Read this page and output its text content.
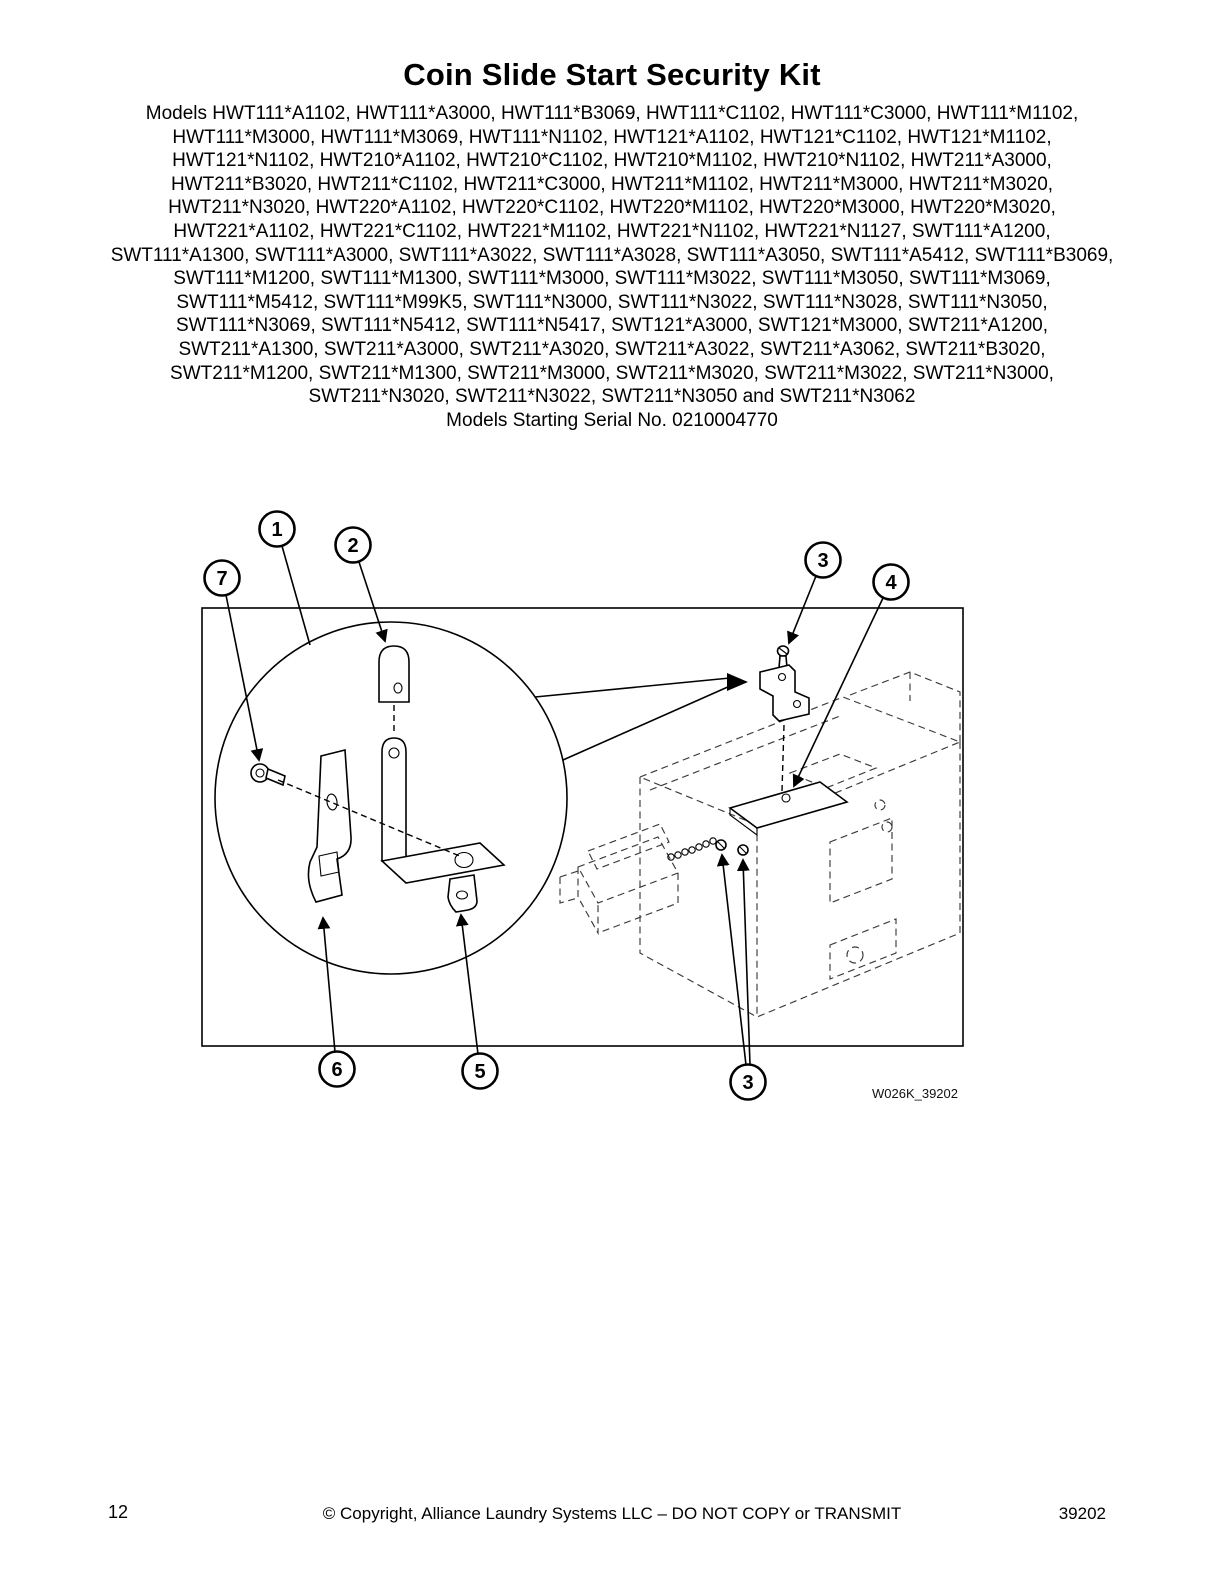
Coin Slide Start Security Kit

Models HWT111*A1102, HWT111*A3000, HWT111*B3069, HWT111*C1102, HWT111*C3000, HWT111*M1102, HWT111*M3000, HWT111*M3069, HWT111*N1102, HWT121*A1102, HWT121*C1102, HWT121*M1102, HWT121*N1102, HWT210*A1102, HWT210*C1102, HWT210*M1102, HWT210*N1102, HWT211*A3000, HWT211*B3020, HWT211*C1102, HWT211*C3000, HWT211*M1102, HWT211*M3000, HWT211*M3020, HWT211*N3020, HWT220*A1102, HWT220*C1102, HWT220*M1102, HWT220*M3000, HWT220*M3020, HWT221*A1102, HWT221*C1102, HWT221*M1102, HWT221*N1102, HWT221*N1127, SWT111*A1200, SWT111*A1300, SWT111*A3000, SWT111*A3022, SWT111*A3028, SWT111*A3050, SWT111*A5412, SWT111*B3069, SWT111*M1200, SWT111*M1300, SWT111*M3000, SWT111*M3022, SWT111*M3050, SWT111*M3069, SWT111*M5412, SWT111*M99K5, SWT111*N3000, SWT111*N3022, SWT111*N3028, SWT111*N3050, SWT111*N3069, SWT111*N5412, SWT111*N5417, SWT121*A3000, SWT121*M3000, SWT211*A1200, SWT211*A1300, SWT211*A3000, SWT211*A3020, SWT211*A3022, SWT211*A3062, SWT211*B3020, SWT211*M1200, SWT211*M1300, SWT211*M3000, SWT211*M3020, SWT211*M3022, SWT211*N3000, SWT211*N3020, SWT211*N3022, SWT211*N3050 and SWT211*N3062

Models Starting Serial No. 0210004770

1
2
7
3
4
6	5	3	W026K_39202
12	© Copyright, Alliance Laundry Systems LLC – DO NOT COPY or TRANSMIT	39202
